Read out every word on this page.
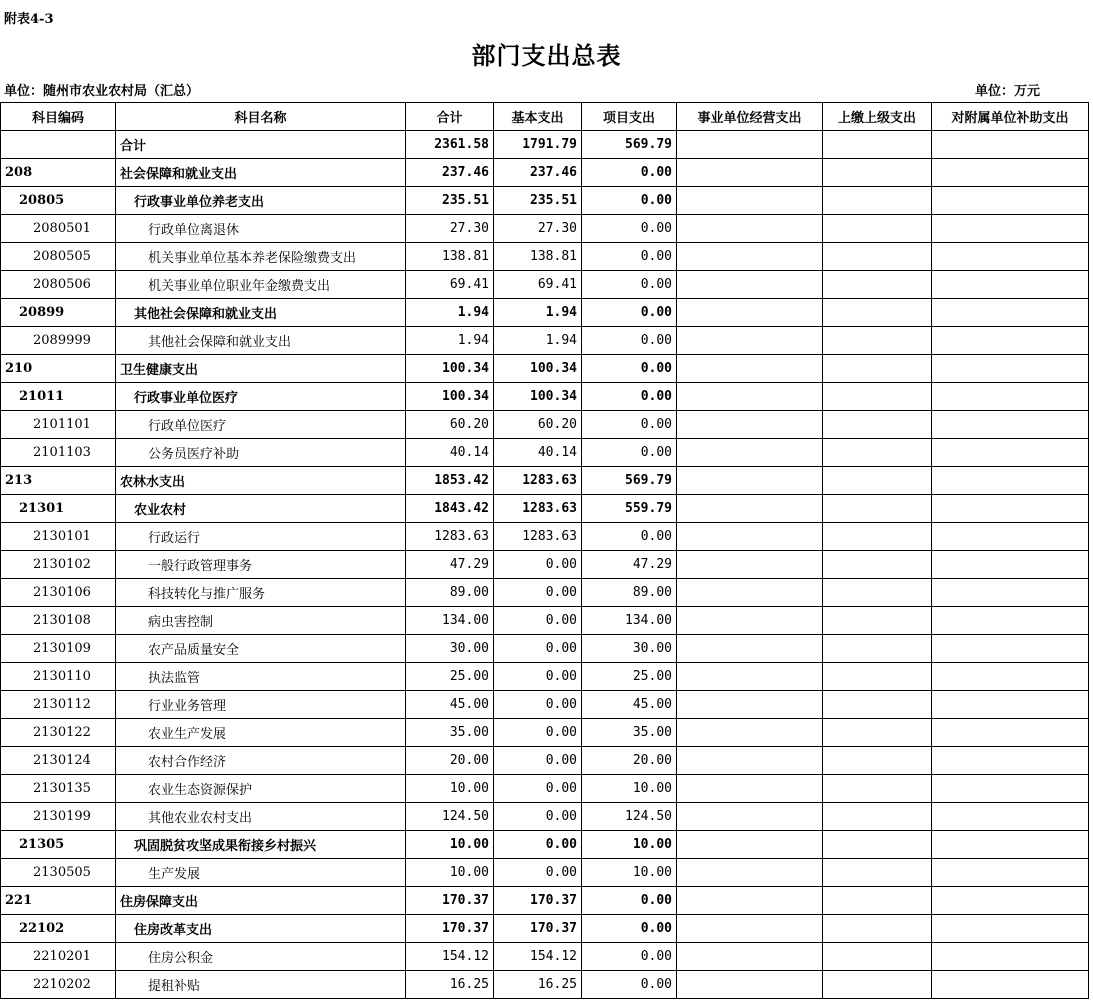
附表4-3
部门支出总表
单位：随州市农业农村局（汇总）	单位：万元
科目编码	科目名称	合计	基本支出	项目支出	事业单位经营支出	上缴上级支出	对附属单位补助支出
	合计	2361.58	1791.79	569.79			
208	社会保障和就业支出	237.46	237.46	0.00			
20805	行政事业单位养老支出	235.51	235.51	0.00			
2080501	行政单位离退休	27.30	27.30	0.00			
2080505	机关事业单位基本养老保险缴费支出	138.81	138.81	0.00			
2080506	机关事业单位职业年金缴费支出	69.41	69.41	0.00			
20899	其他社会保障和就业支出	1.94	1.94	0.00			
2089999	其他社会保障和就业支出	1.94	1.94	0.00			
210	卫生健康支出	100.34	100.34	0.00			
21011	行政事业单位医疗	100.34	100.34	0.00			
2101101	行政单位医疗	60.20	60.20	0.00			
2101103	公务员医疗补助	40.14	40.14	0.00			
213	农林水支出	1853.42	1283.63	569.79			
21301	农业农村	1843.42	1283.63	559.79			
2130101	行政运行	1283.63	1283.63	0.00			
2130102	一般行政管理事务	47.29	0.00	47.29			
2130106	科技转化与推广服务	89.00	0.00	89.00			
2130108	病虫害控制	134.00	0.00	134.00			
2130109	农产品质量安全	30.00	0.00	30.00			
2130110	执法监管	25.00	0.00	25.00			
2130112	行业业务管理	45.00	0.00	45.00			
2130122	农业生产发展	35.00	0.00	35.00			
2130124	农村合作经济	20.00	0.00	20.00			
2130135	农业生态资源保护	10.00	0.00	10.00			
2130199	其他农业农村支出	124.50	0.00	124.50			
21305	巩固脱贫攻坚成果衔接乡村振兴	10.00	0.00	10.00			
2130505	生产发展	10.00	0.00	10.00			
221	住房保障支出	170.37	170.37	0.00			
22102	住房改革支出	170.37	170.37	0.00			
2210201	住房公积金	154.12	154.12	0.00			
2210202	提租补贴	16.25	16.25	0.00			
